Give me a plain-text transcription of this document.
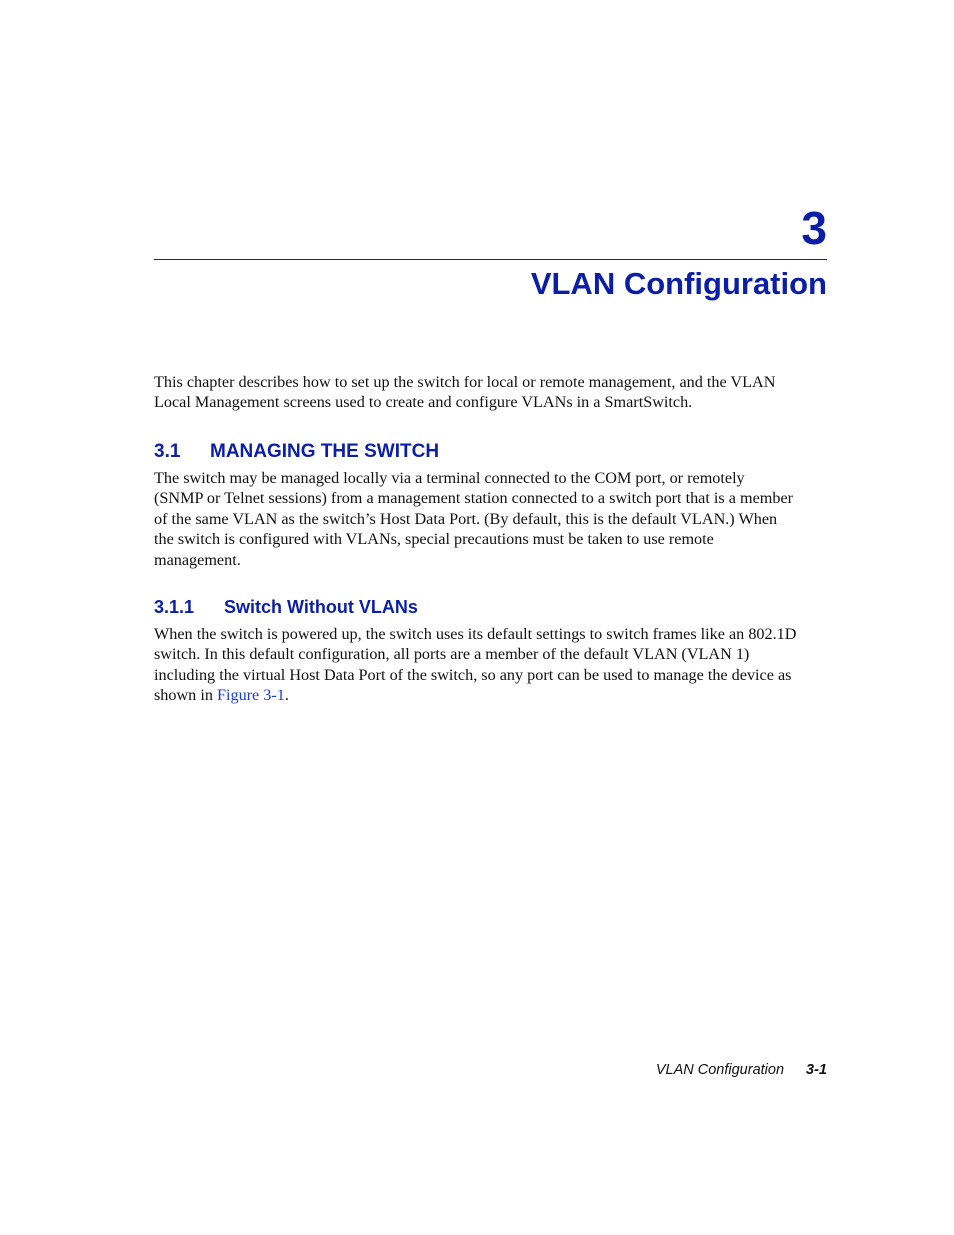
3
VLAN Configuration

This chapter describes how to set up the switch for local or remote management, and the VLAN
Local Management screens used to create and configure VLANs in a SmartSwitch.

3.1 MANAGING THE SWITCH

The switch may be managed locally via a terminal connected to the COM port, or remotely
(SNMP or Telnet sessions) from a management station connected to a switch port that is a member
of the same VLAN as the switch’s Host Data Port. (By default, this is the default VLAN.) When
the switch is configured with VLANs, special precautions must be taken to use remote
management.

3.1.1 Switch Without VLANs

When the switch is powered up, the switch uses its default settings to switch frames like an 802.1D
switch. In this default configuration, all ports are a member of the default VLAN (VLAN 1)
including the virtual Host Data Port of the switch, so any port can be used to manage the device as
shown in Figure 3-1.

VLAN Configuration 3-1
